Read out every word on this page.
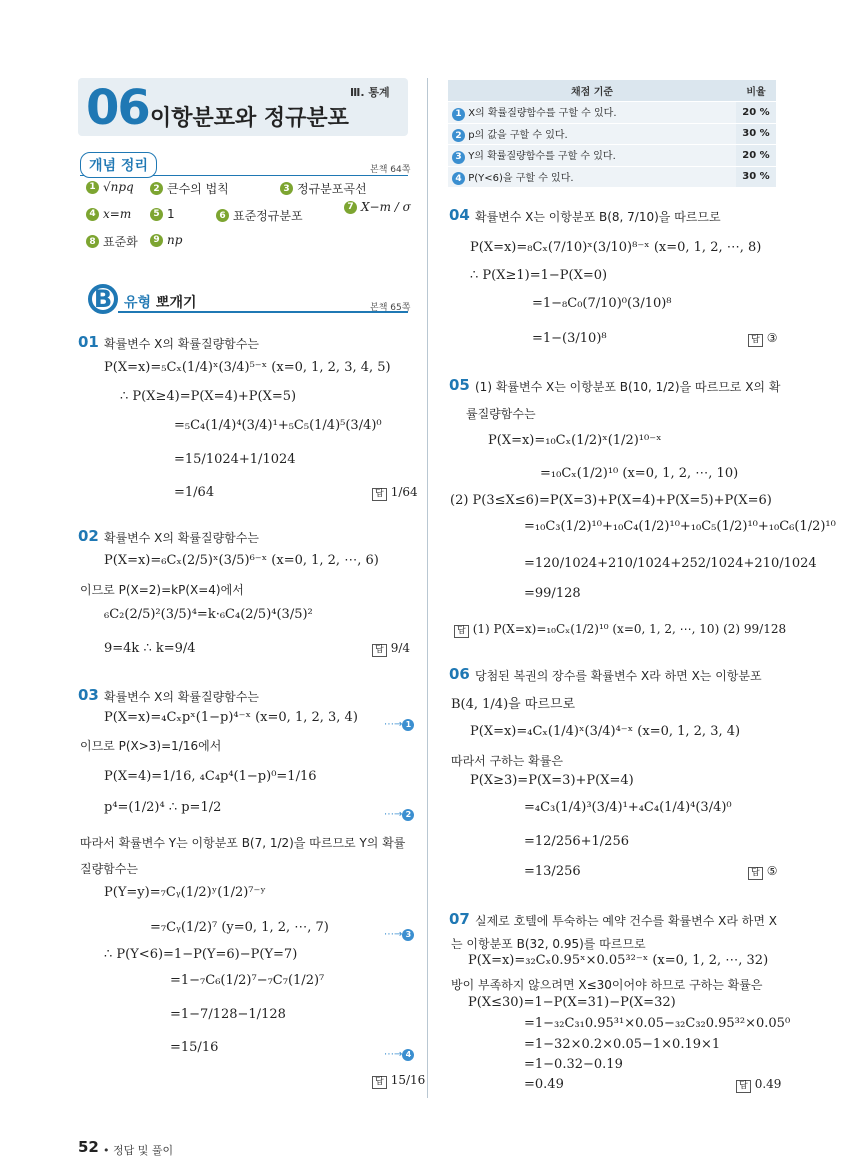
06 이항분포와 정규분포
Ⅲ. 통계
개념 정리	본책 64쪽
1 √npq	2 큰수의 법칙	3 정규분포곡선
4 x=m	5 1	6 표준정규분포
7 X−m / σ
8 표준화	9 np
B 유형 뽀개기	본책 65쪽
01 확률변수 X의 확률질량함수는
P(X=x)=₅Cₓ(1/4)ˣ(3/4)⁵⁻ˣ (x=0, 1, 2, 3, 4, 5)
∴ P(X≥4)=P(X=4)+P(X=5)
=₅C₄(1/4)⁴(3/4)¹+₅C₅(1/4)⁵(3/4)⁰
=15/1024+1/1024
=1/64	답 1/64
02 확률변수 X의 확률질량함수는
P(X=x)=₆Cₓ(2/5)ˣ(3/5)⁶⁻ˣ (x=0, 1, 2, ⋯, 6)
이므로 P(X=2)=kP(X=4)에서
₆C₂(2/5)²(3/5)⁴=k·₆C₄(2/5)⁴(3/5)²
9=4k ∴ k=9/4	답 9/4
03 확률변수 X의 확률질량함수는
P(X=x)=₄Cₓpˣ(1−p)⁴⁻ˣ (x=0, 1, 2, 3, 4)	⋯→ 1
이므로 P(X>3)=1/16에서
P(X=4)=1/16, ₄C₄p⁴(1−p)⁰=1/16
p⁴=(1/2)⁴ ∴ p=1/2	⋯→ 2
따라서 확률변수 Y는 이항분포 B(7, 1/2)을 따르므로 Y의 확률
질량함수는
P(Y=y)=₇Cᵧ(1/2)ʸ(1/2)⁷⁻ʸ
=₇Cᵧ(1/2)⁷ (y=0, 1, 2, ⋯, 7)	⋯→ 3
∴ P(Y<6)=1−P(Y=6)−P(Y=7)
=1−₇C₆(1/2)⁷−₇C₇(1/2)⁷
=1−7/128−1/128
=15/16	⋯→ 4
답 15/16
채점 기준	비율
1 X의 확률질량함수를 구할 수 있다.	20 %
2 p의 값을 구할 수 있다.	30 %
3 Y의 확률질량함수를 구할 수 있다.	20 %
4 P(Y<6)을 구할 수 있다.	30 %
04 확률변수 X는 이항분포 B(8, 7/10)을 따르므로
P(X=x)=₈Cₓ(7/10)ˣ(3/10)⁸⁻ˣ (x=0, 1, 2, ⋯, 8)
∴ P(X≥1)=1−P(X=0)
=1−₈C₀(7/10)⁰(3/10)⁸
=1−(3/10)⁸	답 ③
05 (1) 확률변수 X는 이항분포 B(10, 1/2)을 따르므로 X의 확
률질량함수는
P(X=x)=₁₀Cₓ(1/2)ˣ(1/2)¹⁰⁻ˣ
=₁₀Cₓ(1/2)¹⁰ (x=0, 1, 2, ⋯, 10)
(2) P(3≤X≤6)=P(X=3)+P(X=4)+P(X=5)+P(X=6)
=₁₀C₃(1/2)¹⁰+₁₀C₄(1/2)¹⁰+₁₀C₅(1/2)¹⁰+₁₀C₆(1/2)¹⁰
=120/1024+210/1024+252/1024+210/1024
=99/128
답 (1) P(X=x)=₁₀Cₓ(1/2)¹⁰ (x=0, 1, 2, ⋯, 10) (2) 99/128
06 당첨된 복권의 장수를 확률변수 X라 하면 X는 이항분포
B(4, 1/4)을 따르므로
P(X=x)=₄Cₓ(1/4)ˣ(3/4)⁴⁻ˣ (x=0, 1, 2, 3, 4)
따라서 구하는 확률은
P(X≥3)=P(X=3)+P(X=4)
=₄C₃(1/4)³(3/4)¹+₄C₄(1/4)⁴(3/4)⁰
=12/256+1/256
=13/256	답 ⑤
07 실제로 호텔에 투숙하는 예약 건수를 확률변수 X라 하면 X
는 이항분포 B(32, 0.95)를 따르므로
P(X=x)=₃₂Cₓ0.95ˣ×0.05³²⁻ˣ (x=0, 1, 2, ⋯, 32)
방이 부족하지 않으려면 X≤30이어야 하므로 구하는 확률은
P(X≤30)=1−P(X=31)−P(X=32)
=1−₃₂C₃₁0.95³¹×0.05−₃₂C₃₂0.95³²×0.05⁰
=1−32×0.2×0.05−1×0.19×1
=1−0.32−0.19
=0.49	답 0.49
52 • 정답 및 풀이
